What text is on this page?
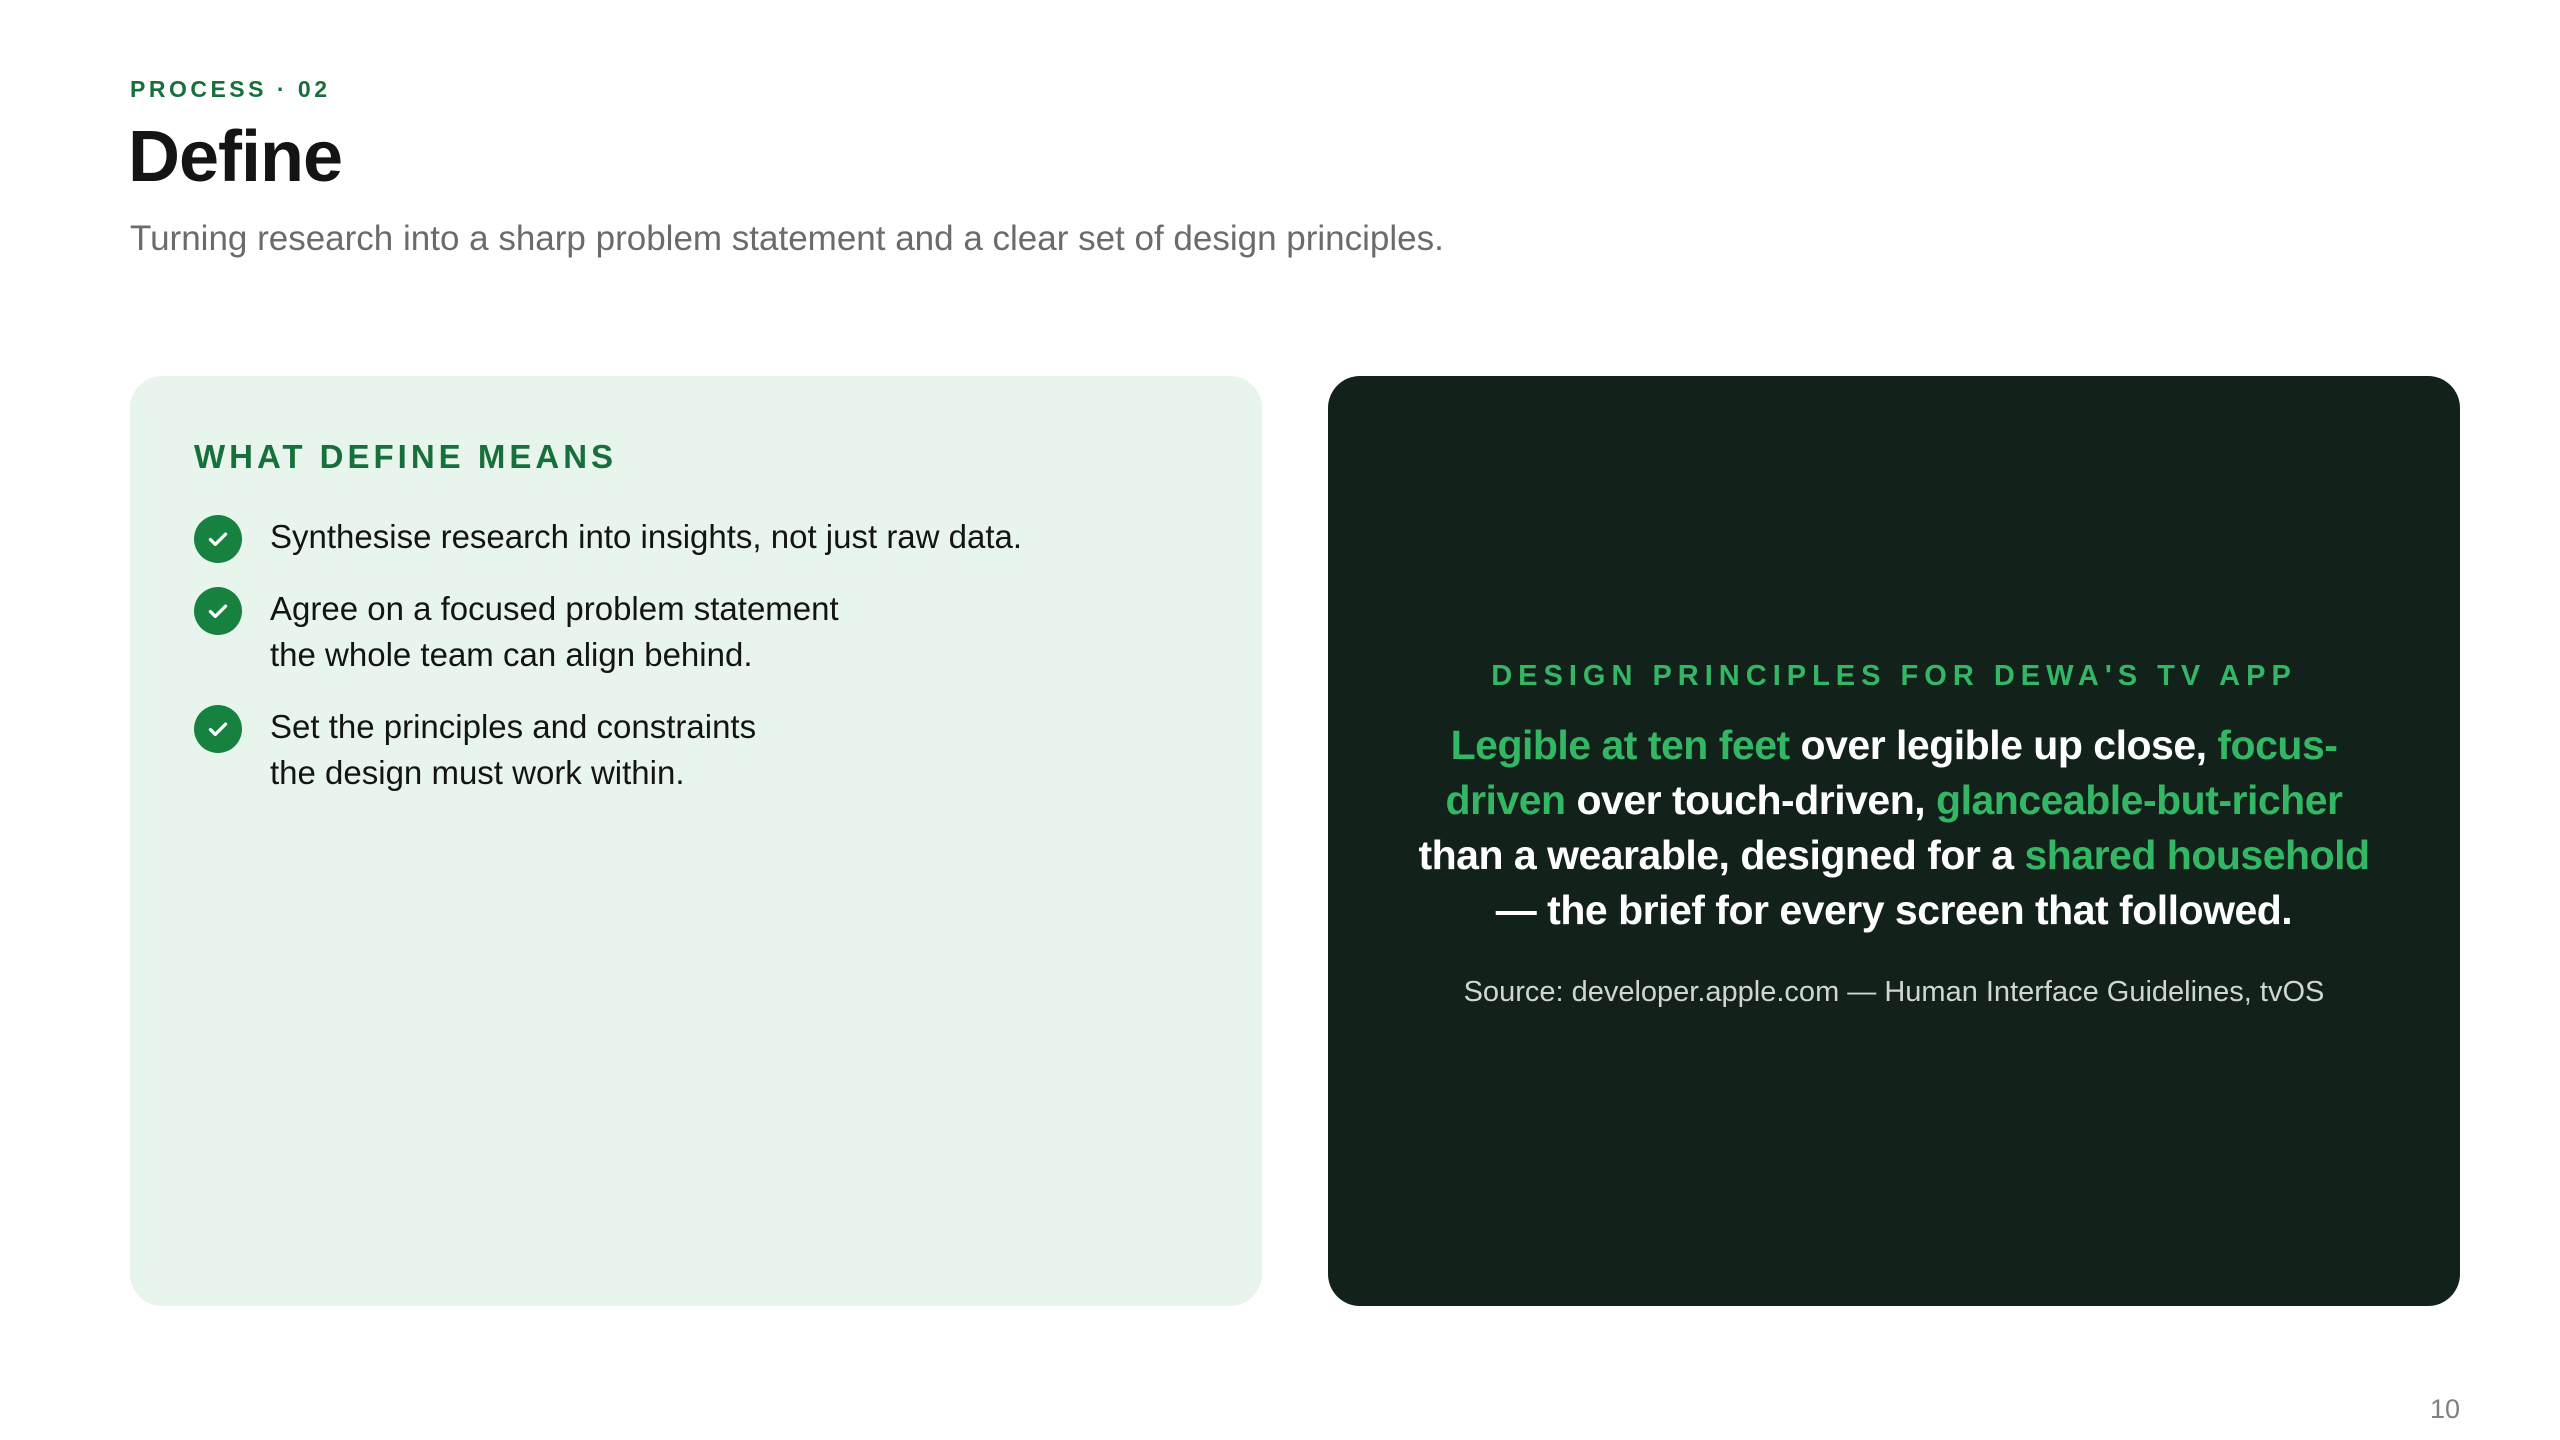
PROCESS · 02
Define
Turning research into a sharp problem statement and a clear set of design principles.
WHAT DEFINE MEANS
Synthesise research into insights, not just raw data.
Agree on a focused problem statement
the whole team can align behind.
Set the principles and constraints
the design must work within.
DESIGN PRINCIPLES FOR DEWA'S TV APP
Legible at ten feet over legible up close, focus-driven over touch-driven, glanceable-but-richer than a wearable, designed for a shared household — the brief for every screen that followed.
Source: developer.apple.com — Human Interface Guidelines, tvOS
10
